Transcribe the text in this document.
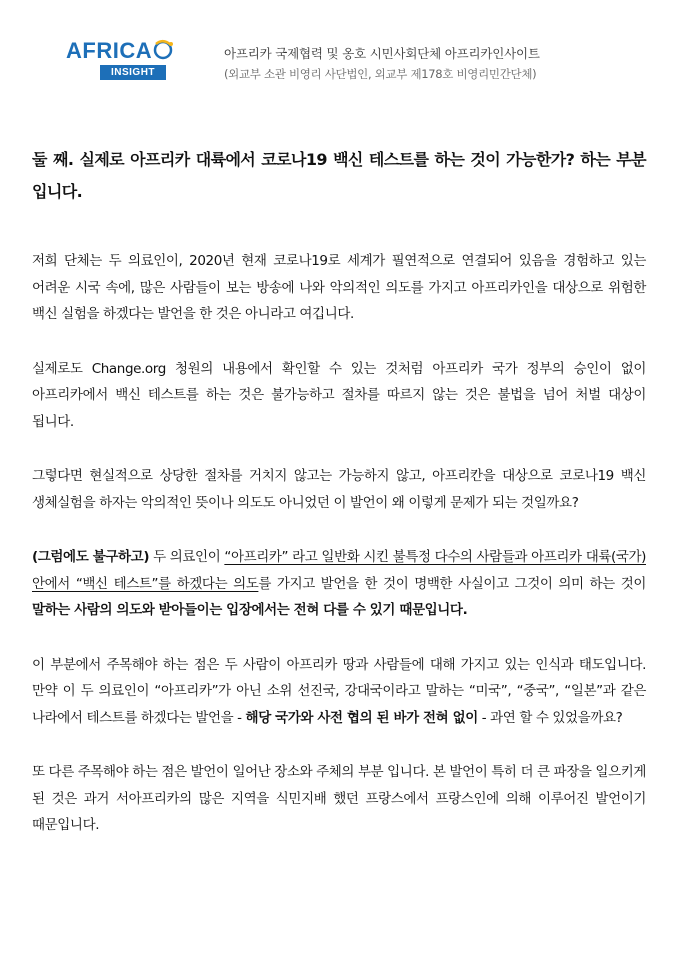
AFRICA
INSIGHT
아프리카 국제협력 및 옹호 시민사회단체 아프리카인사이트
(외교부 소관 비영리 사단법인, 외교부 제178호 비영리민간단체)
둘 째. 실제로 아프리카 대륙에서 코로나19 백신 테스트를 하는 것이 가능한가? 하는 부분입니다.

저희 단체는 두 의료인이, 2020년 현재 코로나19로 세계가 필연적으로 연결되어 있음을 경험하고 있는 어려운 시국 속에, 많은 사람들이 보는 방송에 나와 악의적인 의도를 가지고 아프리카인을 대상으로 위험한 백신 실험을 하겠다는 발언을 한 것은 아니라고 여깁니다.

실제로도 Change.org 청원의 내용에서 확인할 수 있는 것처럼 아프리카 국가 정부의 승인이 없이 아프리카에서 백신 테스트를 하는 것은 불가능하고 절차를 따르지 않는 것은 불법을 넘어 처벌 대상이 됩니다.

그렇다면 현실적으로 상당한 절차를 거치지 않고는 가능하지 않고, 아프리칸을 대상으로 코로나19 백신 생체실험을 하자는 악의적인 뜻이나 의도도 아니었던 이 발언이 왜 이렇게 문제가 되는 것일까요?

(그럼에도 불구하고) 두 의료인이 “아프리카” 라고 일반화 시킨 불특정 다수의 사람들과 아프리카 대륙(국가) 안에서 “백신 테스트”를 하겠다는 의도를 가지고 발언을 한 것이 명백한 사실이고 그것이 의미 하는 것이 말하는 사람의 의도와 받아들이는 입장에서는 전혀 다를 수 있기 때문입니다.

이 부분에서 주목해야 하는 점은 두 사람이 아프리카 땅과 사람들에 대해 가지고 있는 인식과 태도입니다. 만약 이 두 의료인이 “아프리카”가 아닌 소위 선진국, 강대국이라고 말하는 “미국”, “중국”, “일본”과 같은 나라에서 테스트를 하겠다는 발언을 - 해당 국가와 사전 협의 된 바가 전혀 없이 - 과연 할 수 있었을까요?

또 다른 주목해야 하는 점은 발언이 일어난 장소와 주체의 부분 입니다. 본 발언이 특히 더 큰 파장을 일으키게 된 것은 과거 서아프리카의 많은 지역을 식민지배 했던 프랑스에서 프랑스인에 의해 이루어진 발언이기 때문입니다.
